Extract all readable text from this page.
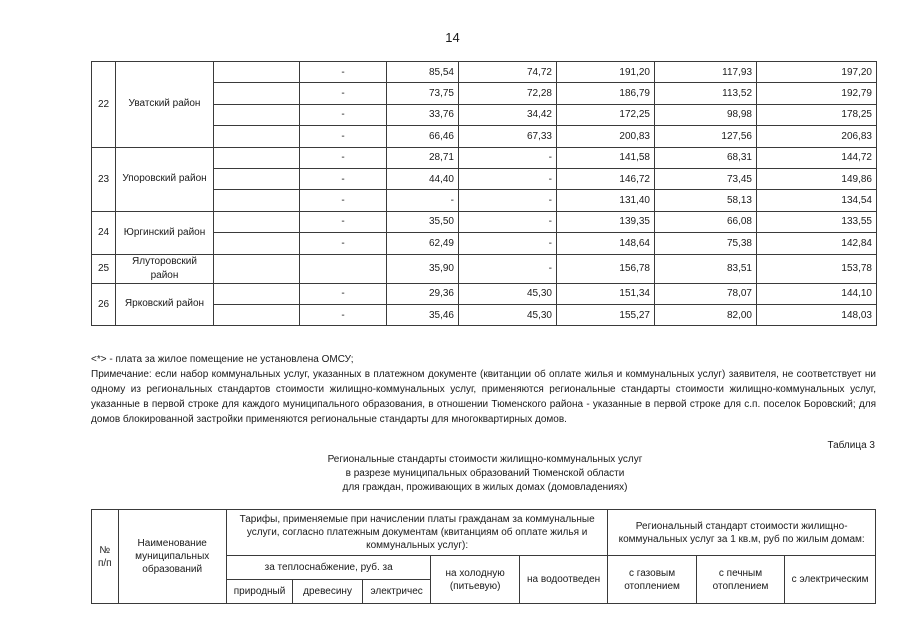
14
22	Уватский район		-	85,54	74,72	191,20	117,93	197,20	
			-	73,75	72,28	186,79	113,52	192,79	
			-	33,76	34,42	172,25	98,98	178,25	
			-	66,46	67,33	200,83	127,56	206,83	
23	Упоровский район		-	28,71	-	141,58	68,31	144,72	
			-	44,40	-	146,72	73,45	149,86	
			-	-	-	131,40	58,13	134,54	
24	Юргинский район		-	35,50	-	139,35	66,08	133,55	
			-	62,49	-	148,64	75,38	142,84	
25	Ялуторовский район			35,90	-	156,78	83,51	153,78	
26	Ярковский район		-	29,36	45,30	151,34	78,07	144,10	
			-	35,46	45,30	155,27	82,00	148,03	
<*> - плата за жилое помещение не установлена ОМСУ;
Примечание: если набор коммунальных услуг, указанных в платежном документе (квитанции об оплате жилья и коммунальных услуг) заявителя, не соответствует ни одному из региональных стандартов стоимости жилищно-коммунальных услуг, применяются региональные стандарты стоимости жилищно-коммунальных услуг, указанные в первой строке для каждого муниципального образования, в отношении Тюменского района - указанные в первой строке для с.п. поселок Боровский; для домов блокированной застройки применяются региональные стандарты для многоквартирных домов.
Таблица 3
Региональные стандарты стоимости жилищно-коммунальных услуг
в разрезе муниципальных образований Тюменской области
для граждан, проживающих в жилых домах (домовладениях)
№ п/п	Наименование муниципальных образований	Тарифы, применяемые при начислении платы гражданам за коммунальные услуги, согласно платежным документам (квитанциям об оплате жилья и коммунальных услуг):					Региональный стандарт стоимости жилищно-коммунальных услуг за 1 кв.м, руб по жилым домам:		
		за теплоснабжение, руб. за			на холодную (питьевую)	на водоотведен	с газовым отоплением	с печным отоплением	с электрическим
		природный	древесину	электричес					
